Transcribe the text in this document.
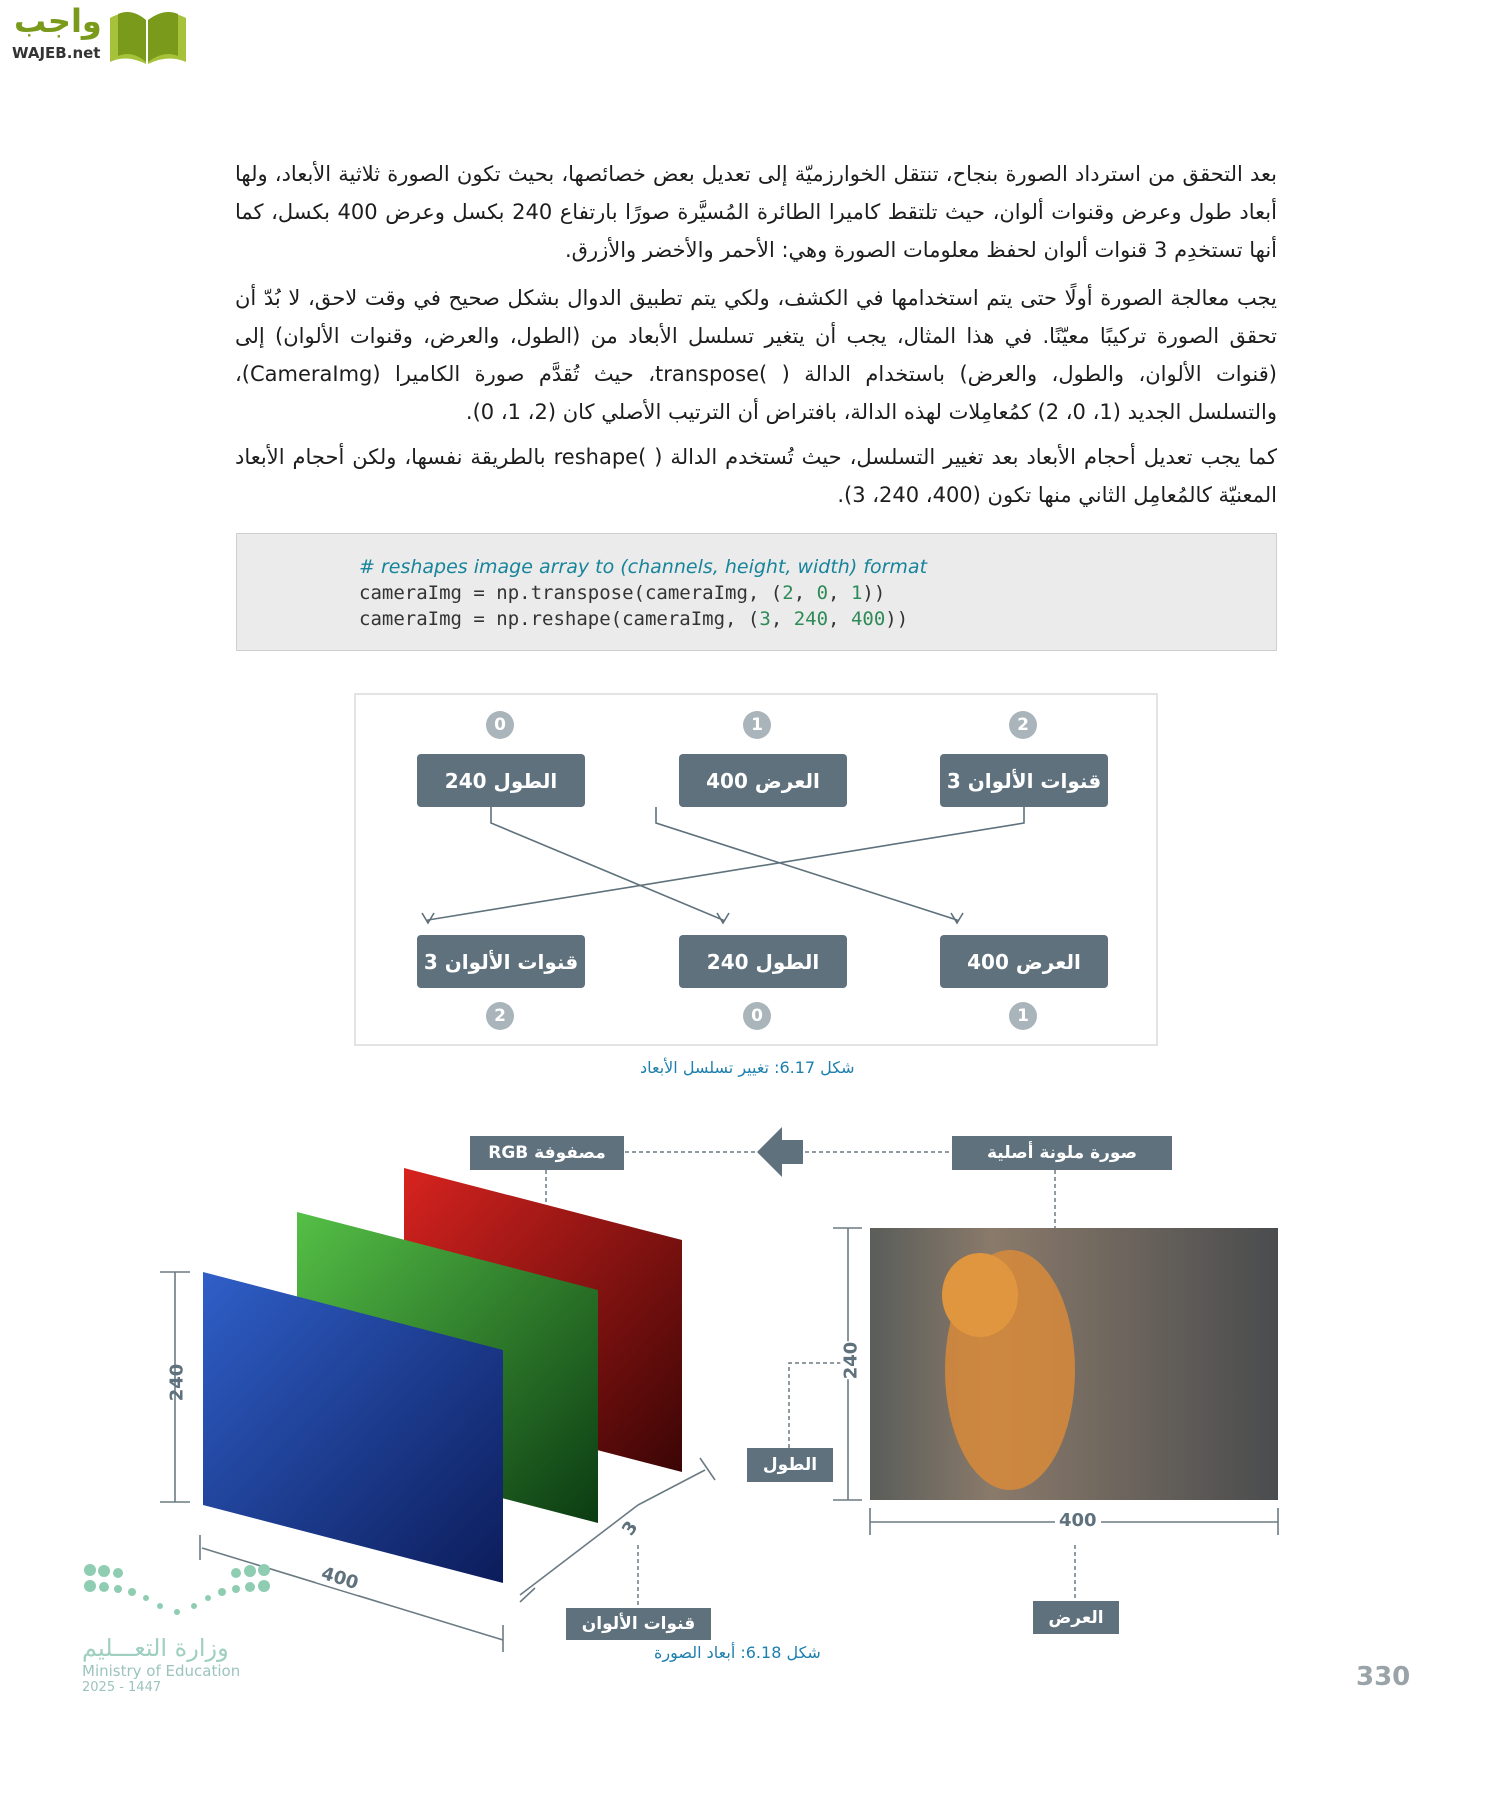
واجب
WAJEB.net

بعد التحقق من استرداد الصورة بنجاح، تنتقل الخوارزميّة إلى تعديل بعض خصائصها، بحيث تكون الصورة ثلاثية الأبعاد، ولها أبعاد طول وعرض وقنوات ألوان، حيث تلتقط كاميرا الطائرة المُسيَّرة صورًا بارتفاع 240 بكسل وعرض 400 بكسل، كما أنها تستخدِم 3 قنوات ألوان لحفظ معلومات الصورة وهي: الأحمر والأخضر والأزرق.

يجب معالجة الصورة أولًا حتى يتم استخدامها في الكشف، ولكي يتم تطبيق الدوال بشكل صحيح في وقت لاحق، لا بُدّ أن تحقق الصورة تركيبًا معيّنًا. في هذا المثال، يجب أن يتغير تسلسل الأبعاد من (الطول، والعرض، وقنوات الألوان) إلى (قنوات الألوان، والطول، والعرض) باستخدام الدالة ( )transpose، حيث تُقدَّم صورة الكاميرا (CameraImg)، والتسلسل الجديد (1، 0، 2) كمُعامِلات لهذه الدالة، بافتراض أن الترتيب الأصلي كان (2، 1، 0).

كما يجب تعديل أحجام الأبعاد بعد تغيير التسلسل، حيث تُستخدم الدالة ( )reshape بالطريقة نفسها، ولكن أحجام الأبعاد المعنيّة كالمُعامِل الثاني منها تكون (400، 240، 3).

# reshapes image array to (channels, height, width) format
cameraImg = np.transpose(cameraImg, (2, 0, 1))
cameraImg = np.reshape(cameraImg, (3, 240, 400))
0	1	2
الطول 240	العرض 400	قنوات الألوان 3
قنوات الألوان 3	الطول 240	العرض 400
2	0	1
شكل 6.17: تغيير تسلسل الأبعاد
240
400
3
240
400
صورة ملونة أصلية
مصفوفة RGB
الطول
قنوات الألوان	العرض
شكل 6.18: أبعاد الصورة
330
وزارة التعـــليم
Ministry of Education
2025 - 1447
